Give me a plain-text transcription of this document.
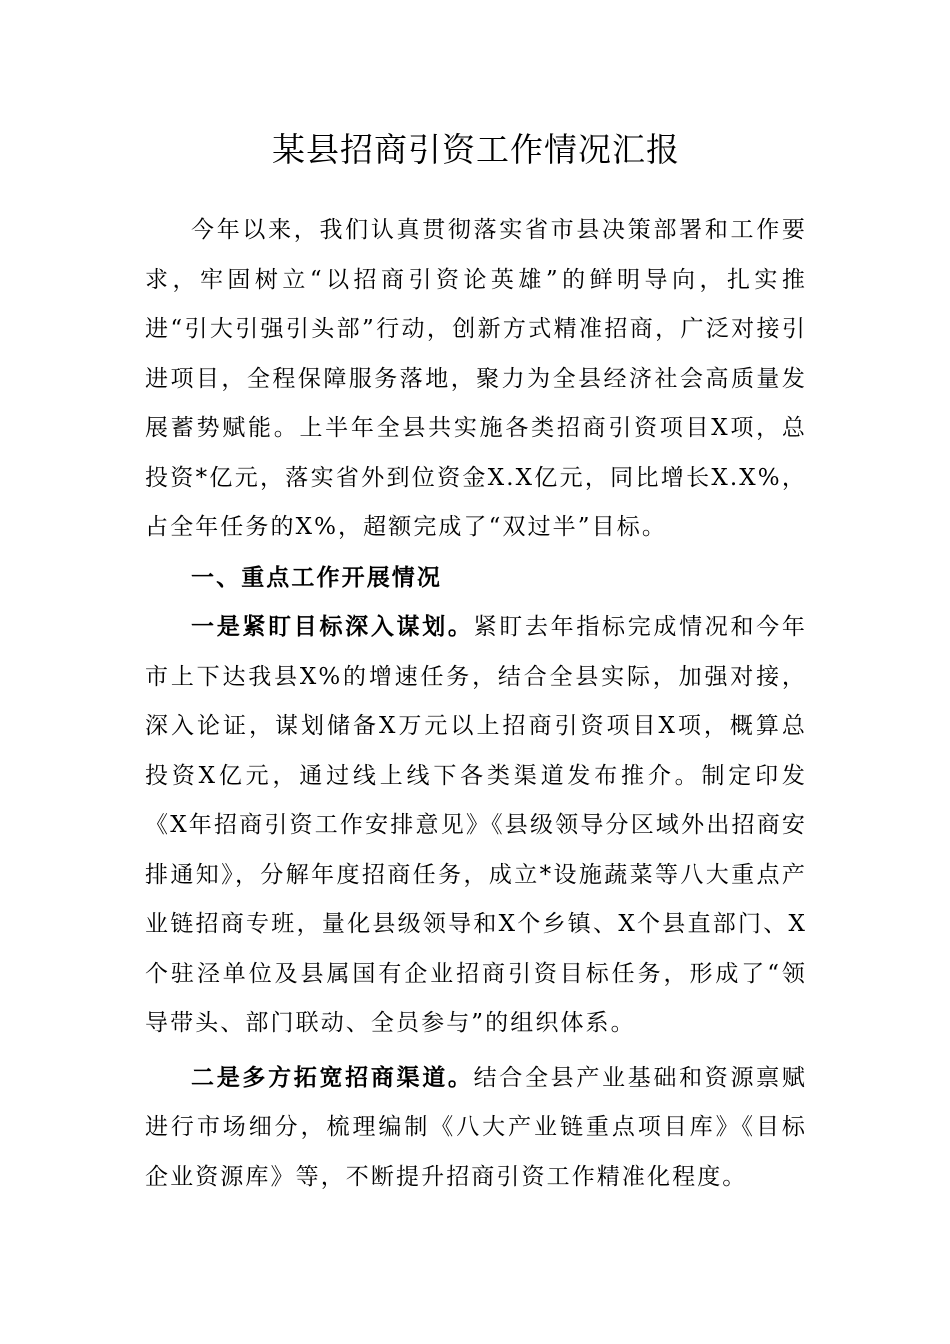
某县招商引资工作情况汇报

今年以来，我们认真贯彻落实省市县决策部署和工作要求，牢固树立“以招商引资论英雄”的鲜明导向，扎实推进“引大引强引头部”行动，创新方式精准招商，广泛对接引进项目，全程保障服务落地，聚力为全县经济社会高质量发展蓄势赋能。上半年全县共实施各类招商引资项目X项，总投资*亿元，落实省外到位资金X.X亿元，同比增长X.X%，占全年任务的X%，超额完成了“双过半”目标。

一、重点工作开展情况

一是紧盯目标深入谋划。紧盯去年指标完成情况和今年市上下达我县X%的增速任务，结合全县实际，加强对接，深入论证，谋划储备X万元以上招商引资项目X项，概算总投资X亿元，通过线上线下各类渠道发布推介。制定印发《X年招商引资工作安排意见》《县级领导分区域外出招商安排通知》，分解年度招商任务，成立*设施蔬菜等八大重点产业链招商专班，量化县级领导和X个乡镇、X个县直部门、X个驻泾单位及县属国有企业招商引资目标任务，形成了“领导带头、部门联动、全员参与”的组织体系。

二是多方拓宽招商渠道。结合全县产业基础和资源禀赋进行市场细分，梳理编制《八大产业链重点项目库》《目标企业资源库》等，不断提升招商引资工作精准化程度。
